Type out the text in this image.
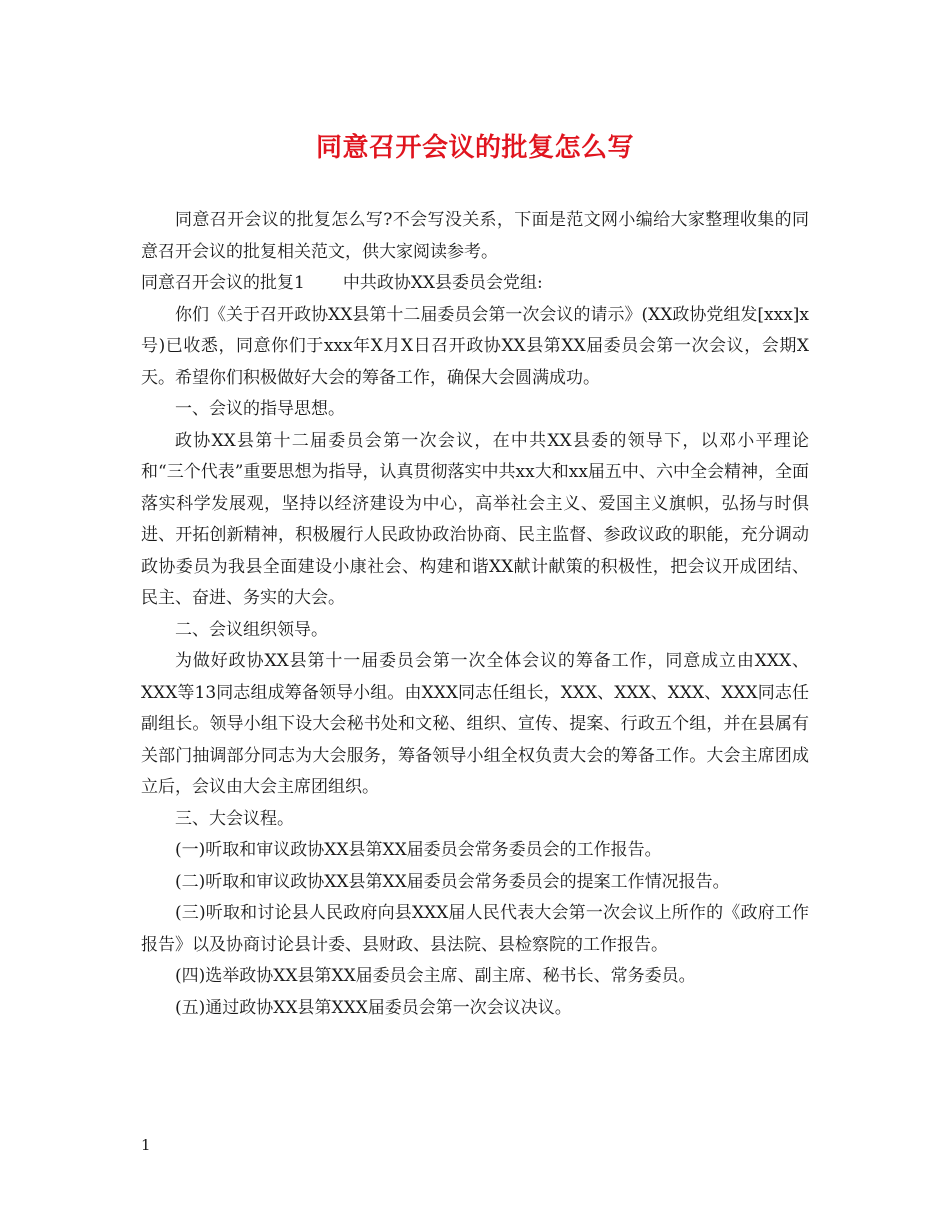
同意召开会议的批复怎么写

同意召开会议的批复怎么写?不会写没关系，下面是范文网小编给大家整理收集的同意召开会议的批复相关范文，供大家阅读参考。

同意召开会议的批复1 中共政协XX县委员会党组:

你们《关于召开政协XX县第十二届委员会第一次会议的请示》(XX政协党组发[xxx]x号)已收悉，同意你们于xxx年X月X日召开政协XX县第XX届委员会第一次会议，会期X天。希望你们积极做好大会的筹备工作，确保大会圆满成功。

一、会议的指导思想。

政协XX县第十二届委员会第一次会议，在中共XX县委的领导下，以邓小平理论和“三个代表”重要思想为指导，认真贯彻落实中共xx大和xx届五中、六中全会精神，全面落实科学发展观，坚持以经济建设为中心，高举社会主义、爱国主义旗帜，弘扬与时俱进、开拓创新精神，积极履行人民政协政治协商、民主监督、参政议政的职能，充分调动政协委员为我县全面建设小康社会、构建和谐XX献计献策的积极性，把会议开成团结、民主、奋进、务实的大会。

二、会议组织领导。

为做好政协XX县第十一届委员会第一次全体会议的筹备工作，同意成立由XXX、XXX等13同志组成筹备领导小组。由XXX同志任组长，XXX、XXX、XXX、XXX同志任副组长。领导小组下设大会秘书处和文秘、组织、宣传、提案、行政五个组，并在县属有关部门抽调部分同志为大会服务，筹备领导小组全权负责大会的筹备工作。大会主席团成立后，会议由大会主席团组织。

三、大会议程。

(一)听取和审议政协XX县第XX届委员会常务委员会的工作报告。

(二)听取和审议政协XX县第XX届委员会常务委员会的提案工作情况报告。

(三)听取和讨论县人民政府向县XXX届人民代表大会第一次会议上所作的《政府工作报告》以及协商讨论县计委、县财政、县法院、县检察院的工作报告。

(四)选举政协XX县第XX届委员会主席、副主席、秘书长、常务委员。

(五)通过政协XX县第XXX届委员会第一次会议决议。

1
